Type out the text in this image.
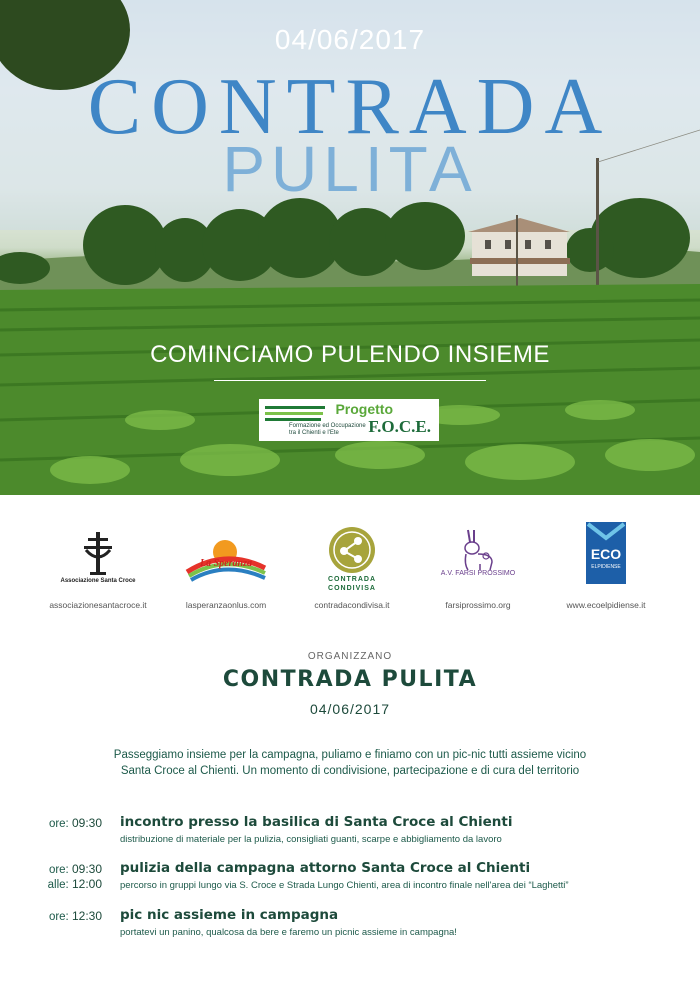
04/06/2017
CONTRADA
PULITA
COMINCIAMO PULENDO INSIEME
Progetto
Formazione ed Occupazione
tra il Chienti e l'Ete F.O.C.E.
Associazione Santa Croce
associazionesantacroce.it
La Speranza
lasperanzaonlus.com
CONTRADA
CONDIVISA
contradacondivisa.it
A.V. FARSI PROSSIMO
farsiprossimo.org
ECO
ELPIDIENSE
www.ecoelpidiense.it
ORGANIZZANO
CONTRADA PULITA
04/06/2017
Passeggiamo insieme per la campagna, puliamo e finiamo con un pic-nic tutti assieme vicino
Santa Croce al Chienti. Un momento di condivisione, partecipazione e di cura del territorio
ore: 09:30 incontro presso la basilica di Santa Croce al Chienti
distribuzione di materiale per la pulizia, consigliati guanti, scarpe e abbigliamento da lavoro
ore: 09:30
alle: 12:00
pulizia della campagna attorno Santa Croce al Chienti
percorso in gruppi lungo via S. Croce e Strada Lungo Chienti, area di incontro finale nell'area dei “Laghetti”
ore: 12:30 pic nic assieme in campagna
portatevi un panino, qualcosa da bere e faremo un picnic assieme in campagna!
